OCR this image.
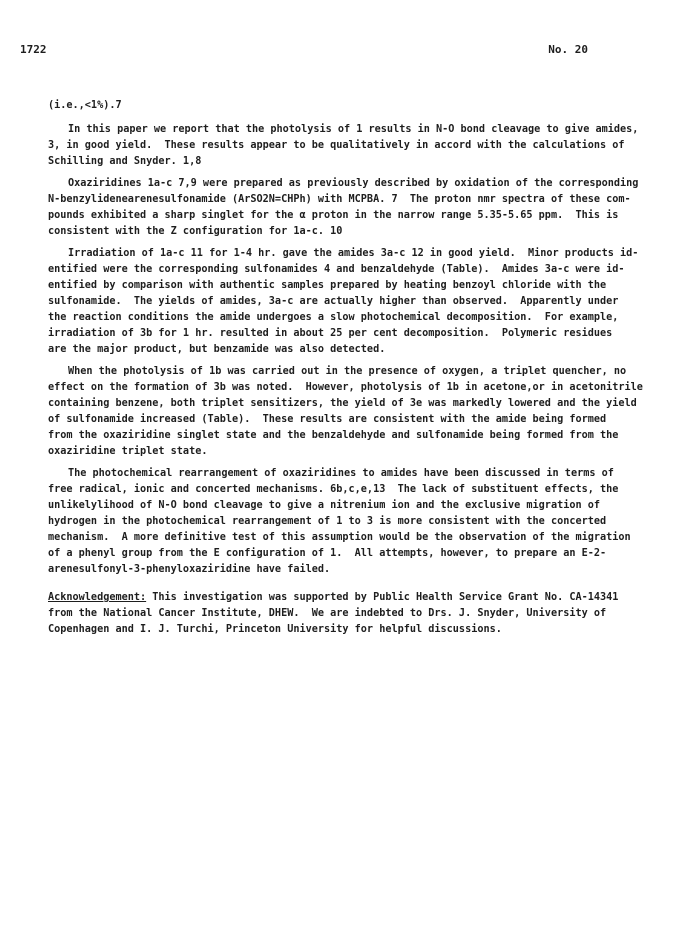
1722	No. 20

(i.e.,<1%).7

In this paper we report that the photolysis of 1 results in N-O bond cleavage to give amides,
3, in good yield.  These results appear to be qualitatively in accord with the calculations of
Schilling and Snyder. 1,8

Oxaziridines 1a-c 7,9 were prepared as previously described by oxidation of the corresponding
N-benzylidenearenesulfonamide (ArSO2N=CHPh) with MCPBA. 7  The proton nmr spectra of these com-
pounds exhibited a sharp singlet for the α proton in the narrow range 5.35-5.65 ppm.  This is
consistent with the Z configuration for 1a-c. 10

Irradiation of 1a-c 11 for 1-4 hr. gave the amides 3a-c 12 in good yield.  Minor products id-
entified were the corresponding sulfonamides 4 and benzaldehyde (Table).  Amides 3a-c were id-
entified by comparison with authentic samples prepared by heating benzoyl chloride with the
sulfonamide.  The yields of amides, 3a-c are actually higher than observed.  Apparently under
the reaction conditions the amide undergoes a slow photochemical decomposition.  For example,
irradiation of 3b for 1 hr. resulted in about 25 per cent decomposition.  Polymeric residues
are the major product, but benzamide was also detected.

When the photolysis of 1b was carried out in the presence of oxygen, a triplet quencher, no
effect on the formation of 3b was noted.  However, photolysis of 1b in acetone,or in acetonitrile
containing benzene, both triplet sensitizers, the yield of 3e was markedly lowered and the yield
of sulfonamide increased (Table).  These results are consistent with the amide being formed
from the oxaziridine singlet state and the benzaldehyde and sulfonamide being formed from the
oxaziridine triplet state.

The photochemical rearrangement of oxaziridines to amides have been discussed in terms of
free radical, ionic and concerted mechanisms. 6b,c,e,13  The lack of substituent effects, the
unlikelylihood of N-O bond cleavage to give a nitrenium ion and the exclusive migration of
hydrogen in the photochemical rearrangement of 1 to 3 is more consistent with the concerted
mechanism.  A more definitive test of this assumption would be the observation of the migration
of a phenyl group from the E configuration of 1.  All attempts, however, to prepare an E-2-
arenesulfonyl-3-phenyloxaziridine have failed.

Acknowledgement: This investigation was supported by Public Health Service Grant No. CA-14341
from the National Cancer Institute, DHEW.  We are indebted to Drs. J. Snyder, University of
Copenhagen and I. J. Turchi, Princeton University for helpful discussions.
